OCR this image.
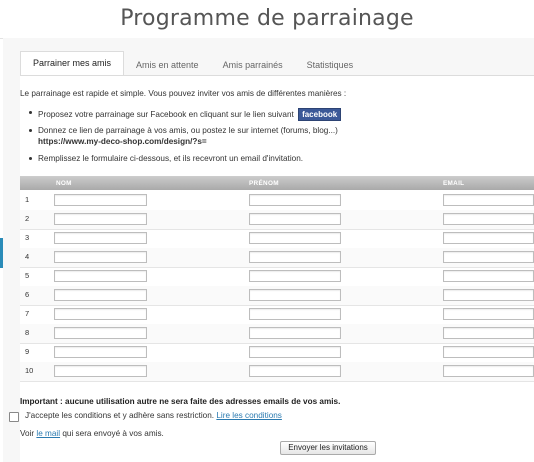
Programme de parrainage
Parrainer mes amis	Amis en attente	Amis parrainés	Statistiques
Le parrainage est rapide et simple. Vous pouvez inviter vos amis de différentes manières :
Proposez votre parrainage sur Facebook en cliquant sur le lien suivant facebook
Donnez ce lien de parrainage à vos amis, ou postez le sur internet (forums, blog...)
https://www.my-deco-shop.com/design/?s=
Remplissez le formulaire ci-dessous, et ils recevront un email d'invitation.
NOM	PRÉNOM	EMAIL
1
2
3
4
5
6
7
8
9
10
Important : aucune utilisation autre ne sera faite des adresses emails de vos amis.
J'accepte les conditions et y adhère sans restriction. Lire les conditions
Voir le mail qui sera envoyé à vos amis.
Envoyer les invitations
